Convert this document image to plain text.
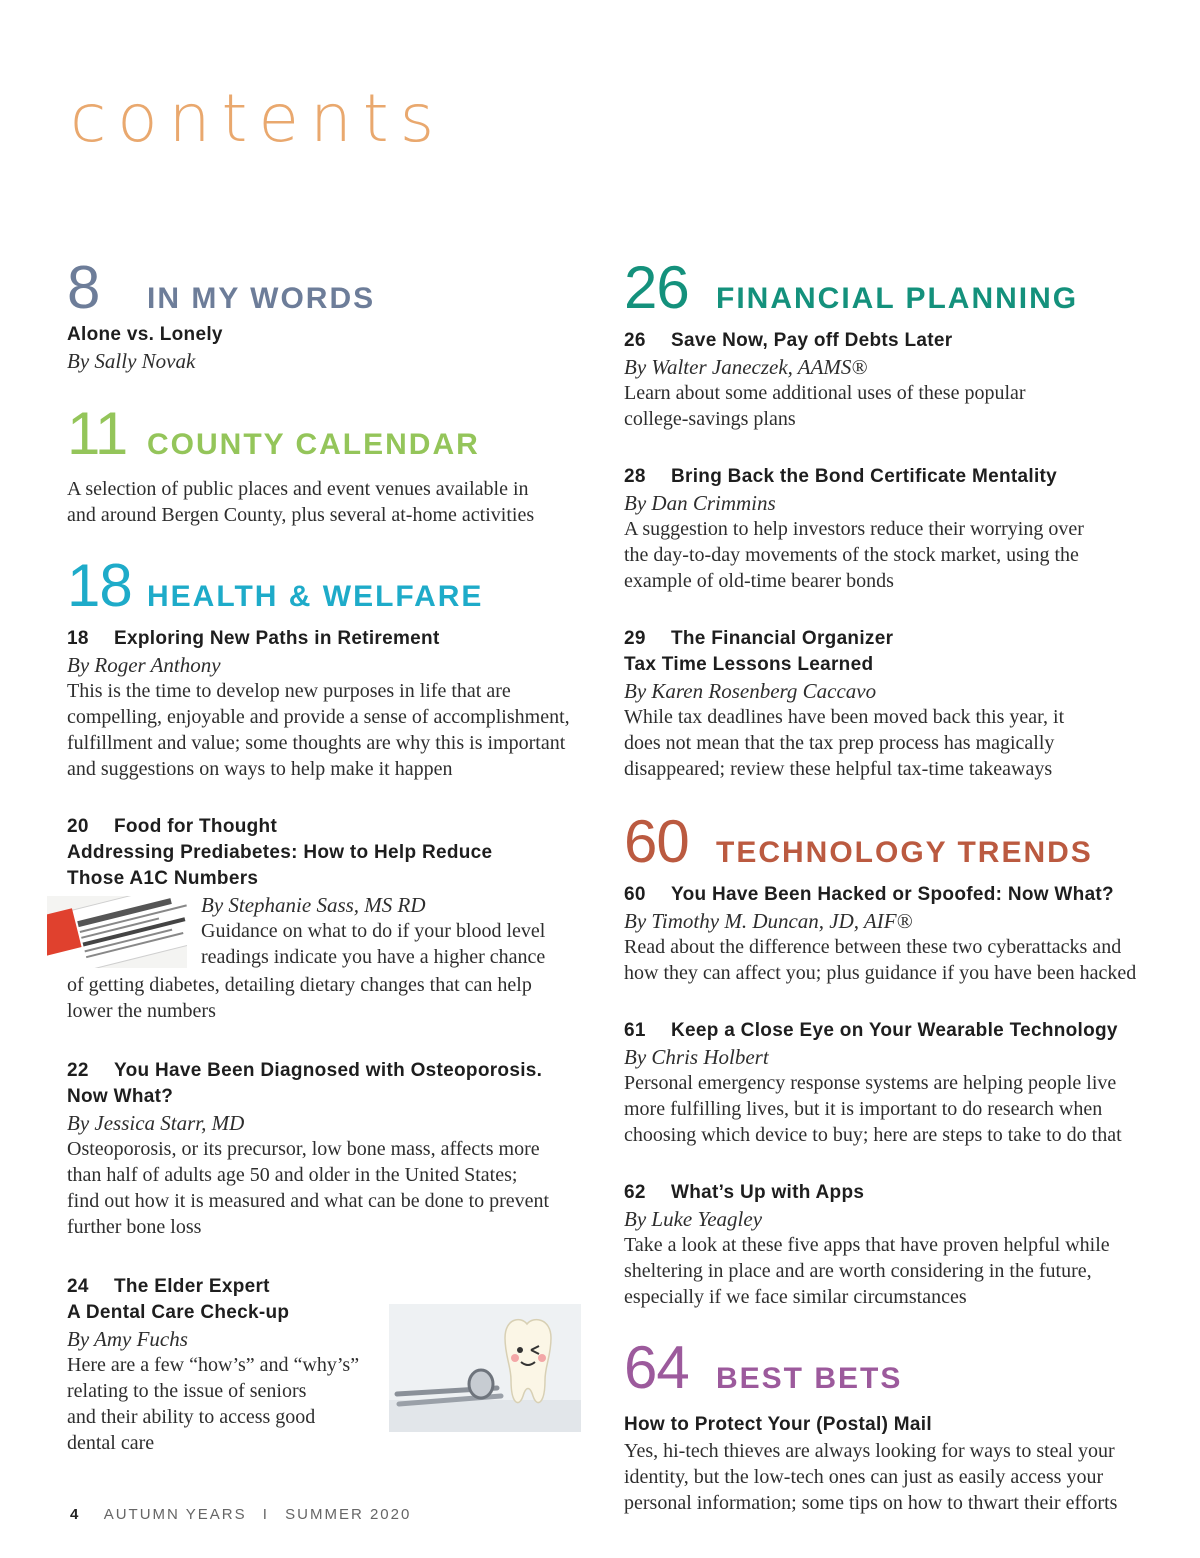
contents
8	IN MY WORDS
Alone vs. Lonely
By Sally Novak
11 COUNTY CALENDAR
A selection of public places and event venues available in
and around Bergen County, plus several at-home activities
18 HEALTH & WELFARE
18 Exploring New Paths in Retirement
By Roger Anthony
This is the time to develop new purposes in life that are
compelling, enjoyable and provide a sense of accomplishment,
fulfillment and value; some thoughts are why this is important
and suggestions on ways to help make it happen
20 Food for Thought
Addressing Prediabetes: How to Help Reduce
Those A1C Numbers
By Stephanie Sass, MS RD
Guidance on what to do if your blood level
readings indicate you have a higher chance
of getting diabetes, detailing dietary changes that can help
lower the numbers
22 You Have Been Diagnosed with Osteoporosis.
Now What?
By Jessica Starr, MD
Osteoporosis, or its precursor, low bone mass, affects more
than half of adults age 50 and older in the United States;
find out how it is measured and what can be done to prevent
further bone loss
24 The Elder Expert
A Dental Care Check-up
By Amy Fuchs
Here are a few “how’s” and “why’s”
relating to the issue of seniors
and their ability to access good
dental care
26 FINANCIAL PLANNING
26 Save Now, Pay off Debts Later
By Walter Janeczek, AAMS®
Learn about some additional uses of these popular
college-savings plans
28 Bring Back the Bond Certificate Mentality
By Dan Crimmins
A suggestion to help investors reduce their worrying over
the day-to-day movements of the stock market, using the
example of old-time bearer bonds
29 The Financial Organizer
Tax Time Lessons Learned
By Karen Rosenberg Caccavo
While tax deadlines have been moved back this year, it
does not mean that the tax prep process has magically
disappeared; review these helpful tax-time takeaways
60 TECHNOLOGY TRENDS
60 You Have Been Hacked or Spoofed: Now What?
By Timothy M. Duncan, JD, AIF®
Read about the difference between these two cyberattacks and
how they can affect you; plus guidance if you have been hacked
61 Keep a Close Eye on Your Wearable Technology
By Chris Holbert
Personal emergency response systems are helping people live
more fulfilling lives, but it is important to do research when
choosing which device to buy; here are steps to take to do that
62 What’s Up with Apps
By Luke Yeagley
Take a look at these five apps that have proven helpful while
sheltering in place and are worth considering in the future,
especially if we face similar circumstances
64 BEST BETS
How to Protect Your (Postal) Mail
Yes, hi-tech thieves are always looking for ways to steal your
identity, but the low-tech ones can just as easily access your
personal information; some tips on how to thwart their efforts
4 AUTUMN YEARS I SUMMER 2020
